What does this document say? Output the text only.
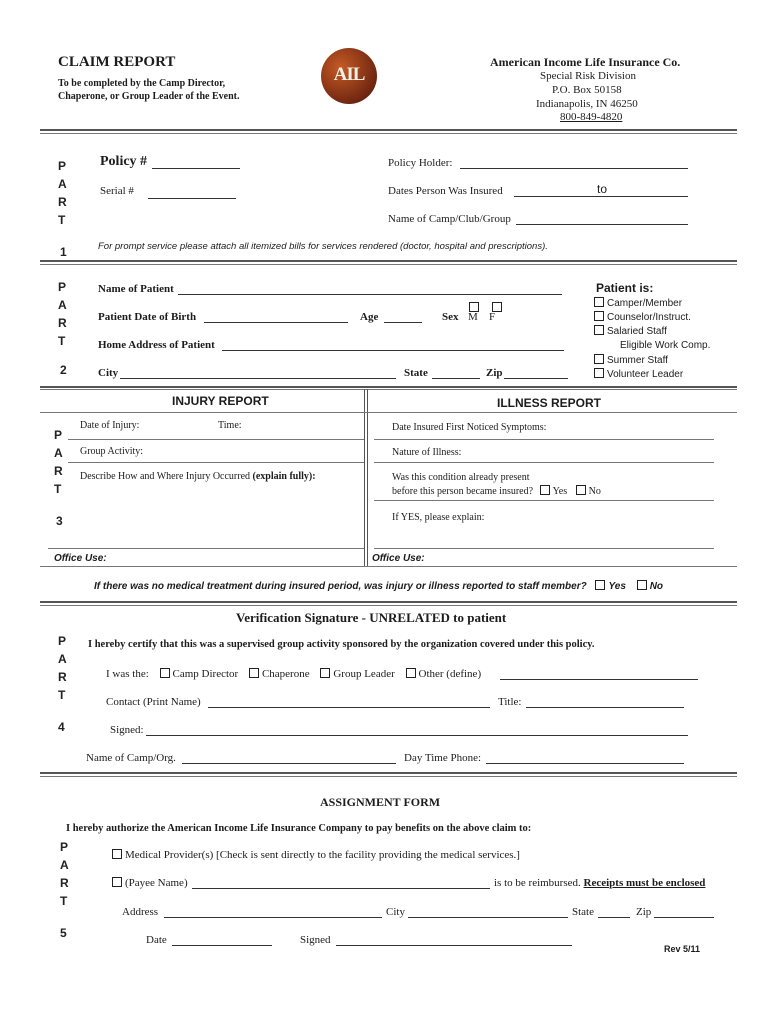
CLAIM REPORT
To be completed by the Camp Director,
Chaperone, or Group Leader of the Event.
AIL
American Income Life Insurance Co.
Special Risk Division
P.O. Box 50158
Indianapolis, IN 46250
800-849-4820
P
A
R
T
1
Policy #
Serial #
Policy Holder:
Dates Person Was Insured	to
Name of Camp/Club/Group
For prompt service please attach all itemized bills for services rendered (doctor, hospital and prescriptions).
P
A
R
T
2
Name of Patient
Patient Date of Birth	Age
	Sex M F
Home Address of Patient
City	State	Zip
Patient is:
Camper/Member
Counselor/Instruct.
Salaried Staff
Eligible Work Comp.
Summer Staff
Volunteer Leader
INJURY REPORT	ILLNESS REPORT
P
A
R
T
3
Date of Injury:	Time:
Group Activity:
Describe How and Where Injury Occurred (explain fully):
Date Insured First Noticed Symptoms:
Nature of Illness:
Was this condition already present
before this person became insured? Yes No
If YES, please explain:
Office Use:	Office Use:
If there was no medical treatment during insured period, was injury or illness reported to staff member? Yes No
Verification Signature - UNRELATED to patient
P
A
R
T
4
I hereby certify that this was a supervised group activity sponsored by the organization covered under this policy.
I was the: Camp Director Chaperone Group Leader Other (define)
Contact (Print Name)	Title:
Signed:
Name of Camp/Org.	Day Time Phone:
ASSIGNMENT FORM
I hereby authorize the American Income Life Insurance Company to pay benefits on the above claim to:
P
A
R
T
5
Medical Provider(s) [Check is sent directly to the facility providing the medical services.]
(Payee Name)	is to be reimbursed. Receipts must be enclosed
Address	City	State	Zip
Date	Signed
Rev 5/11
